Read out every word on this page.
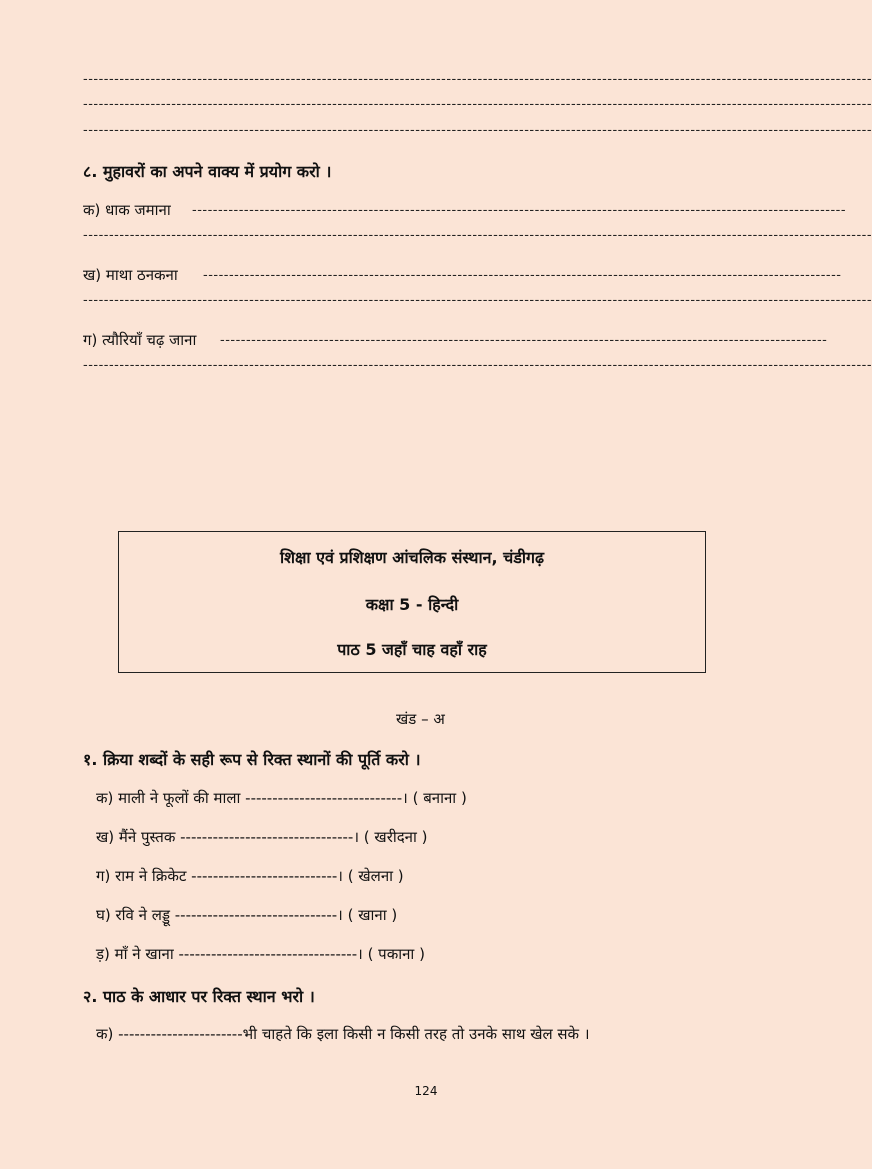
--------------------------------------------------------------------------------------------------------------------------------------------------------
--------------------------------------------------------------------------------------------------------------------------------------------------------
--------------------------------------------------------------------------------------------------------------------------------------------------------
८. मुहावरों का अपने वाक्य में प्रयोग करो ।
क) धाक जमाना ------------------------------------------------------------------------------------------------------------------------------
--------------------------------------------------------------------------------------------------------------------------------------------------------
ख) माथा ठनकना ---------------------------------------------------------------------------------------------------------------------------
--------------------------------------------------------------------------------------------------------------------------------------------------------
ग) त्यौरियाँ चढ़ जाना ---------------------------------------------------------------------------------------------------------------------
--------------------------------------------------------------------------------------------------------------------------------------------------------
शिक्षा एवं प्रशिक्षण आंचलिक संस्थान, चंडीगढ़
कक्षा 5 - हिन्दी
पाठ 5 जहाँ चाह वहाँ राह
खंड – अ
१. क्रिया शब्दों के सही रूप से रिक्त स्थानों की पूर्ति करो ।
क) माली ने फूलों की माला -----------------------------। ( बनाना )
ख) मैंने पुस्तक --------------------------------। ( खरीदना )
ग) राम ने क्रिकेट ---------------------------। ( खेलना )
घ) रवि ने लड्डू ------------------------------। ( खाना )
ड़) माँ ने खाना ---------------------------------। ( पकाना )
२. पाठ के आधार पर रिक्त स्थान भरो ।
क) -----------------------भी चाहते कि इला किसी न किसी तरह तो उनके साथ खेल सके ।
124
